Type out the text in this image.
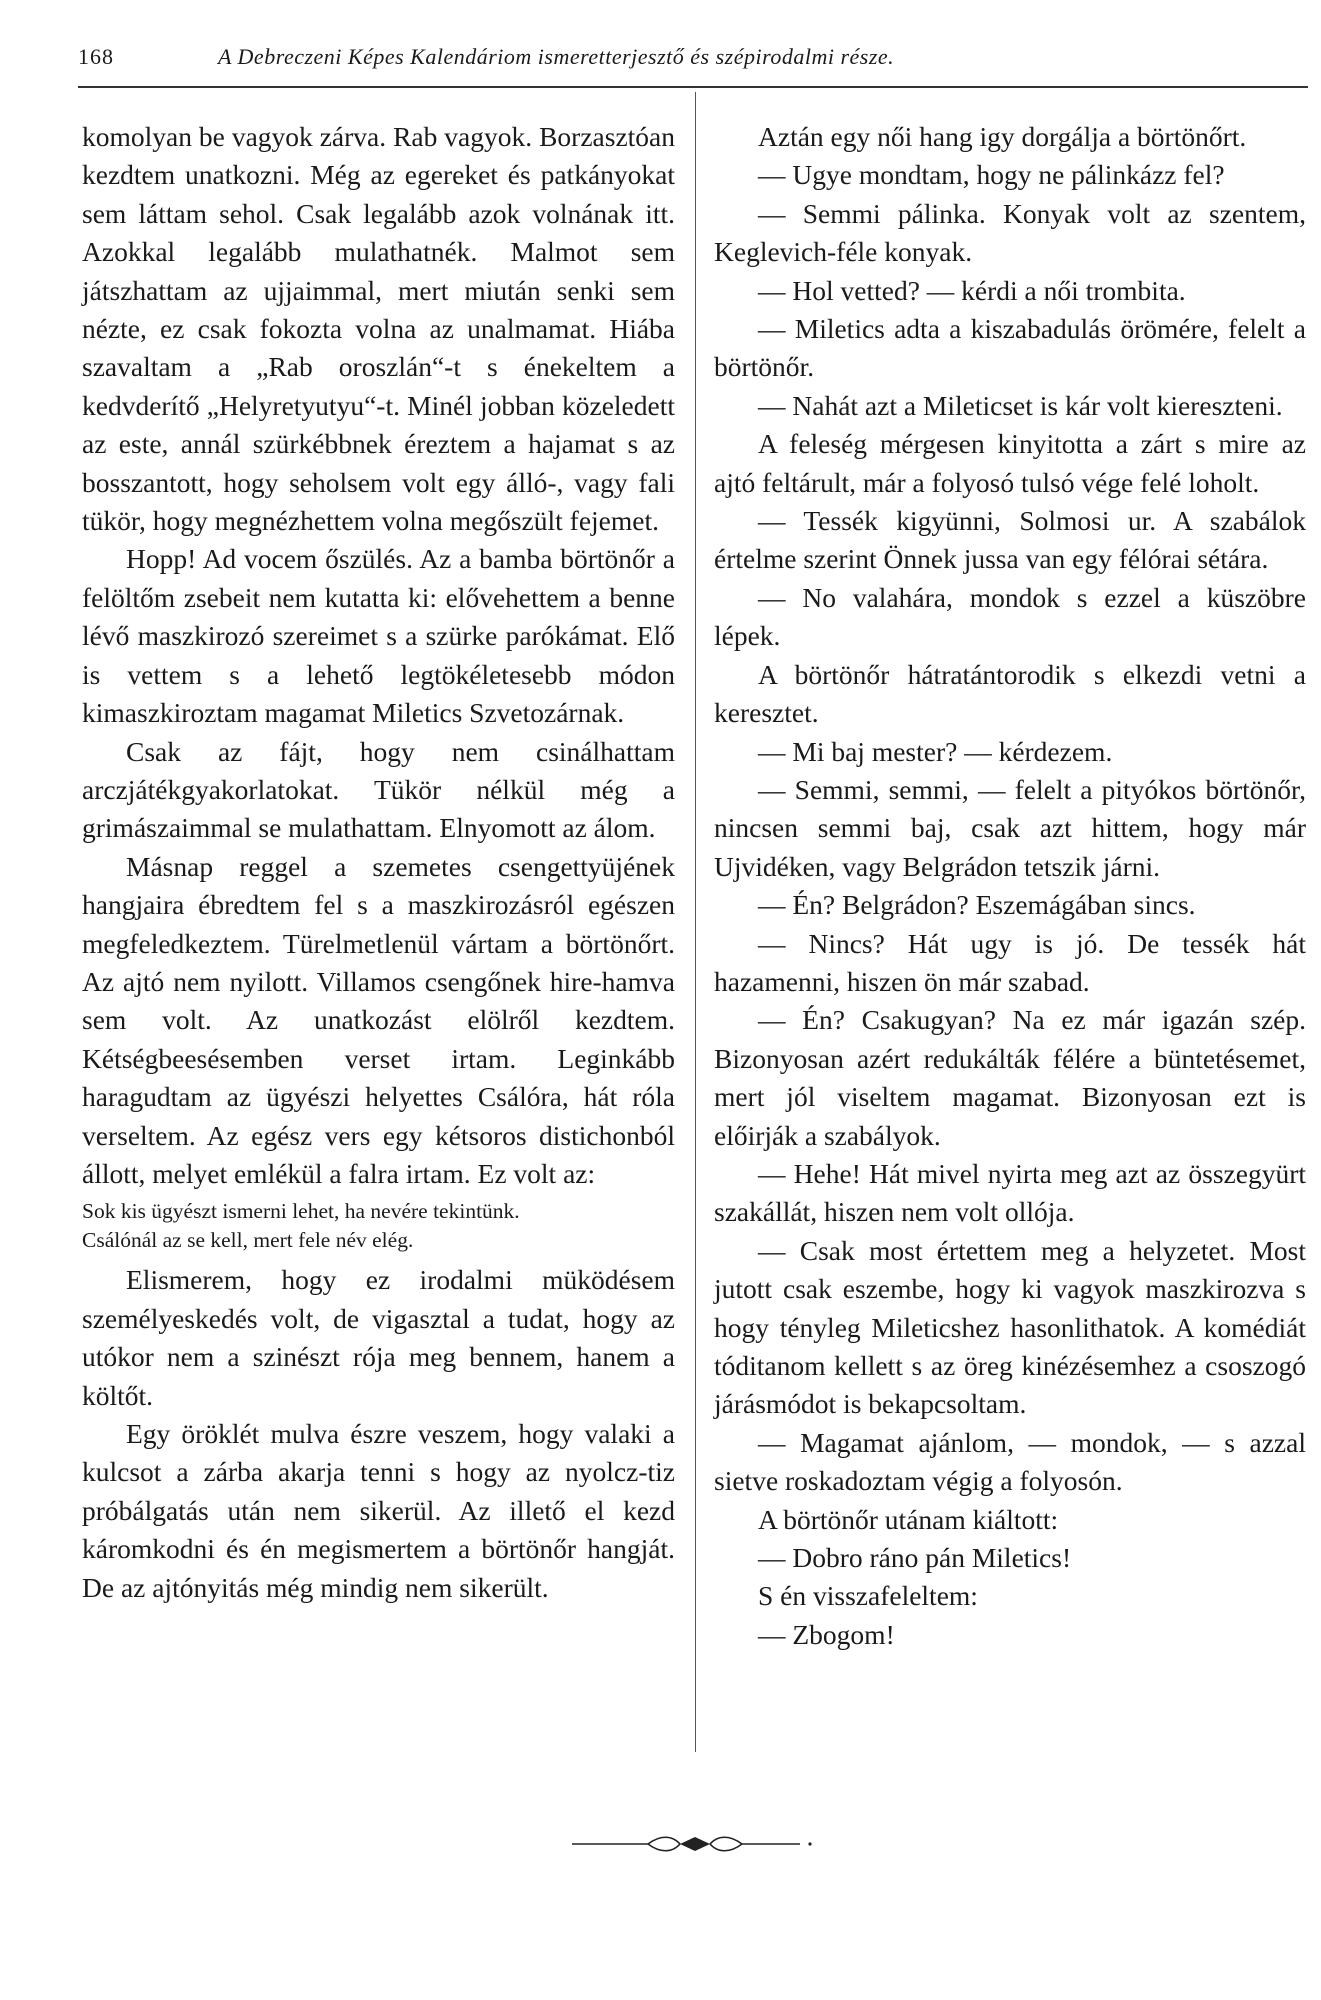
168	A Debreczeni Képes Kalendáriom ismeretterjesztő és szépirodalmi része.

komolyan be vagyok zárva. Rab vagyok. Borzasztóan kezdtem unatkozni. Még az egereket és patkányokat sem láttam sehol. Csak legalább azok volnának itt. Azokkal legalább mulathatnék. Malmot sem játszhattam az ujjaimmal, mert miután senki sem nézte, ez csak fokozta volna az unalmamat. Hiába szavaltam a „Rab oroszlán“-t s énekeltem a kedvderítő „Helyretyutyu“-t. Minél jobban közeledett az este, annál szürkébbnek éreztem a hajamat s az bosszantott, hogy seholsem volt egy álló-, vagy fali tükör, hogy megnézhettem volna megőszült fejemet.

Hopp! Ad vocem őszülés. Az a bamba börtönőr a felöltőm zsebeit nem kutatta ki: elővehettem a benne lévő maszkirozó szereimet s a szürke parókámat. Elő is vettem s a lehető legtökéletesebb módon kimaszkiroztam magamat Miletics Szvetozárnak.

Csak az fájt, hogy nem csinálhattam arczjátékgyakorlatokat. Tükör nélkül még a grimászaimmal se mulathattam. Elnyomott az álom.

Másnap reggel a szemetes csengettyüjének hangjaira ébredtem fel s a maszkirozásról egészen megfeledkeztem. Türelmetlenül vártam a börtönőrt. Az ajtó nem nyilott. Villamos csengőnek hire-hamva sem volt. Az unatkozást elölről kezdtem. Kétségbeesésemben verset irtam. Leginkább haragudtam az ügyészi helyettes Csálóra, hát róla verseltem. Az egész vers egy kétsoros distichonból állott, melyet emlékül a falra irtam. Ez volt az:

Sok kis ügyészt ismerni lehet, ha nevére tekintünk.

Csálónál az se kell, mert fele név elég.

Elismerem, hogy ez irodalmi müködésem személyeskedés volt, de vigasztal a tudat, hogy az utókor nem a szinészt rója meg bennem, hanem a költőt.

Egy öröklét mulva észre veszem, hogy valaki a kulcsot a zárba akarja tenni s hogy az nyolcz-tiz próbálgatás után nem sikerül. Az illető el kezd káromkodni és én megismertem a börtönőr hangját. De az ajtónyitás még mindig nem sikerült.

Aztán egy női hang igy dorgálja a börtönőrt.

— Ugye mondtam, hogy ne pálinkázz fel?

— Semmi pálinka. Konyak volt az szentem, Keglevich-féle konyak.

— Hol vetted? — kérdi a női trombita.

— Miletics adta a kiszabadulás örömére, felelt a börtönőr.

— Nahát azt a Mileticset is kár volt kiereszteni.

A feleség mérgesen kinyitotta a zárt s mire az ajtó feltárult, már a folyosó tulsó vége felé loholt.

— Tessék kigyünni, Solmosi ur. A szabálok értelme szerint Önnek jussa van egy félórai sétára.

— No valahára, mondok s ezzel a küszöbre lépek.

A börtönőr hátratántorodik s elkezdi vetni a keresztet.

— Mi baj mester? — kérdezem.

— Semmi, semmi, — felelt a pityókos börtönőr, nincsen semmi baj, csak azt hittem, hogy már Ujvidéken, vagy Belgrádon tetszik járni.

— Én? Belgrádon? Eszemágában sincs.

— Nincs? Hát ugy is jó. De tessék hát hazamenni, hiszen ön már szabad.

— Én? Csakugyan? Na ez már igazán szép. Bizonyosan azért redukálták félére a büntetésemet, mert jól viseltem magamat. Bizonyosan ezt is előirják a szabályok.

— Hehe! Hát mivel nyirta meg azt az összegyürt szakállát, hiszen nem volt ollója.

— Csak most értettem meg a helyzetet. Most jutott csak eszembe, hogy ki vagyok maszkirozva s hogy tényleg Mileticshez hasonlithatok. A komédiát tóditanom kellett s az öreg kinézésemhez a csoszogó járásmódot is bekapcsoltam.

— Magamat ajánlom, — mondok, — s azzal sietve roskadoztam végig a folyosón.

A börtönőr utánam kiáltott:

— Dobro ráno pán Miletics!

S én visszafeleltem:

— Zbogom!
